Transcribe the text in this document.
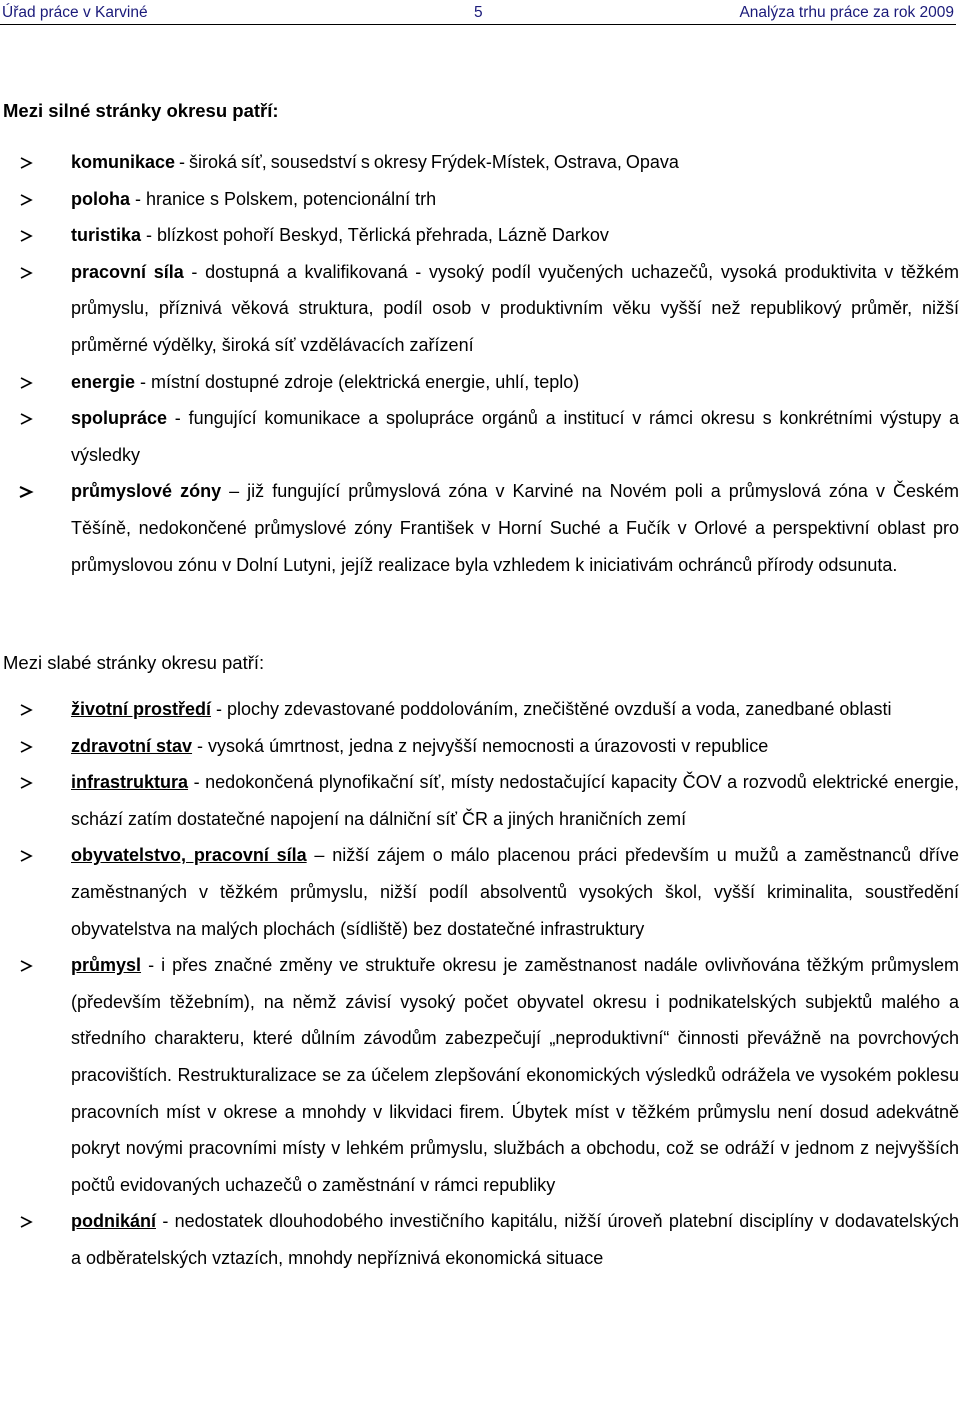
Úřad práce v Karviné	5	Analýza trhu práce za rok 2009
Mezi silné stránky okresu patří:
komunikace - široká síť, sousedství s okresy Frýdek-Místek, Ostrava, Opava
poloha - hranice s Polskem, potencionální trh
turistika - blízkost pohoří Beskyd, Těrlická přehrada, Lázně Darkov
pracovní síla - dostupná a kvalifikovaná - vysoký podíl vyučených uchazečů, vysoká produktivita v těžkém průmyslu, příznivá věková struktura, podíl osob v produktivním věku vyšší než republikový průměr, nižší průměrné výdělky, široká síť vzdělávacích zařízení
energie - místní dostupné zdroje (elektrická energie, uhlí, teplo)
spolupráce - fungující komunikace a spolupráce orgánů a institucí v rámci okresu s konkrétními výstupy a výsledky
průmyslové zóny – již fungující průmyslová zóna v Karviné na Novém poli a průmyslová zóna v Českém Těšíně, nedokončené průmyslové zóny František v Horní Suché a Fučík v Orlové a perspektivní oblast pro průmyslovou zónu v Dolní Lutyni, jejíž realizace byla vzhledem k iniciativám ochránců přírody odsunuta.
Mezi slabé stránky okresu patří:
životní prostředí - plochy zdevastované poddolováním, znečištěné ovzduší a voda, zanedbané oblasti
zdravotní stav - vysoká úmrtnost, jedna z nejvyšší nemocnosti a úrazovosti v republice
infrastruktura - nedokončená plynofikační síť, místy nedostačující kapacity ČOV a rozvodů elektrické energie, schází zatím dostatečné napojení na dálniční síť ČR a jiných hraničních zemí
obyvatelstvo, pracovní síla – nižší zájem o málo placenou práci především u mužů a zaměstnanců dříve zaměstnaných v těžkém průmyslu, nižší podíl absolventů vysokých škol, vyšší kriminalita, soustředění obyvatelstva na malých plochách (sídliště) bez dostatečné infrastruktury
průmysl - i přes značné změny ve struktuře okresu je zaměstnanost nadále ovlivňována těžkým průmyslem (především těžebním), na němž závisí vysoký počet obyvatel okresu i podnikatelských subjektů malého a středního charakteru, které důlním závodům zabezpečují „neproduktivní“ činnosti převážně na povrchových pracovištích. Restrukturalizace se za účelem zlepšování ekonomických výsledků odrážela ve vysokém poklesu pracovních míst v okrese a mnohdy v likvidaci firem. Úbytek míst v těžkém průmyslu není dosud adekvátně pokryt novými pracovními místy v lehkém průmyslu, službách a obchodu, což se odráží v jednom z nejvyšších počtů evidovaných uchazečů o zaměstnání v rámci republiky
podnikání - nedostatek dlouhodobého investičního kapitálu, nižší úroveň platební disciplíny v dodavatelských a odběratelských vztazích, mnohdy nepříznivá ekonomická situace
